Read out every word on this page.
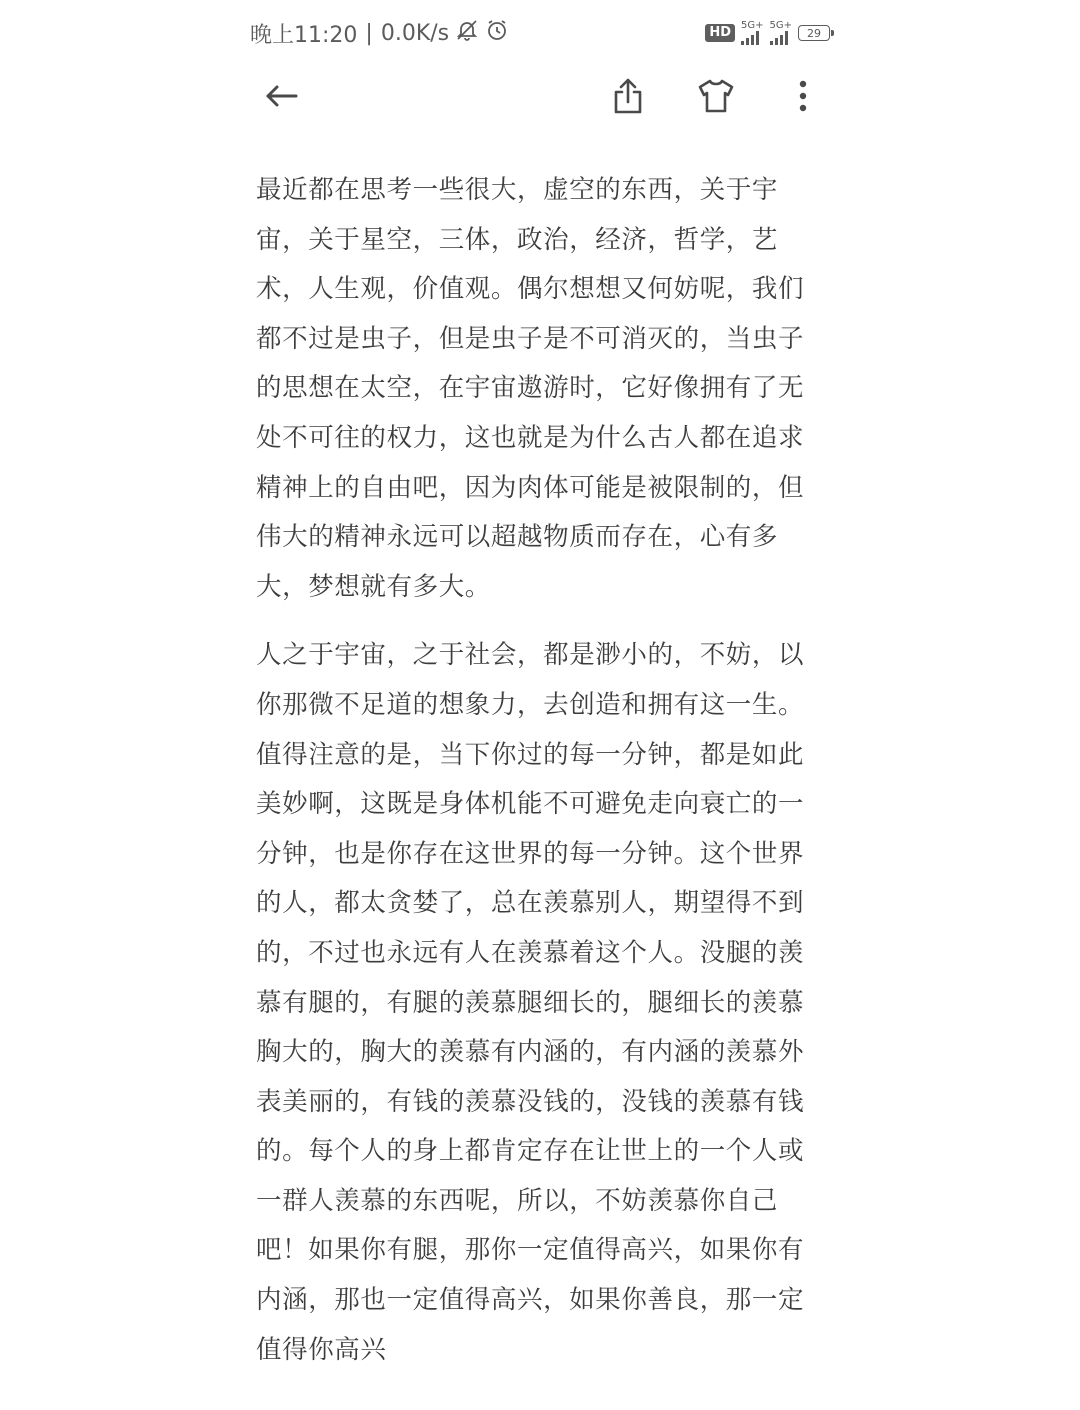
晚上11:20 | 0.0K/s	HD	5G+ 5G+
29

最近都在思考一些很大，虚空的东西，关于宇宙，关于星空，三体，政治，经济，哲学，艺术，人生观，价值观。偶尔想想又何妨呢，我们都不过是虫子，但是虫子是不可消灭的，当虫子的思想在太空，在宇宙遨游时，它好像拥有了无处不可往的权力，这也就是为什么古人都在追求精神上的自由吧，因为肉体可能是被限制的，但伟大的精神永远可以超越物质而存在，心有多大，梦想就有多大。

人之于宇宙，之于社会，都是渺小的，不妨，以你那微不足道的想象力，去创造和拥有这一生。值得注意的是，当下你过的每一分钟，都是如此美妙啊，这既是身体机能不可避免走向衰亡的一分钟，也是你存在这世界的每一分钟。这个世界的人，都太贪婪了，总在羡慕别人，期望得不到的，不过也永远有人在羡慕着这个人。没腿的羡慕有腿的，有腿的羡慕腿细长的，腿细长的羡慕胸大的，胸大的羡慕有内涵的，有内涵的羡慕外表美丽的，有钱的羡慕没钱的，没钱的羡慕有钱的。每个人的身上都肯定存在让世上的一个人或一群人羡慕的东西呢，所以，不妨羡慕你自己吧！如果你有腿，那你一定值得高兴，如果你有内涵，那也一定值得高兴，如果你善良，那一定值得你高兴
